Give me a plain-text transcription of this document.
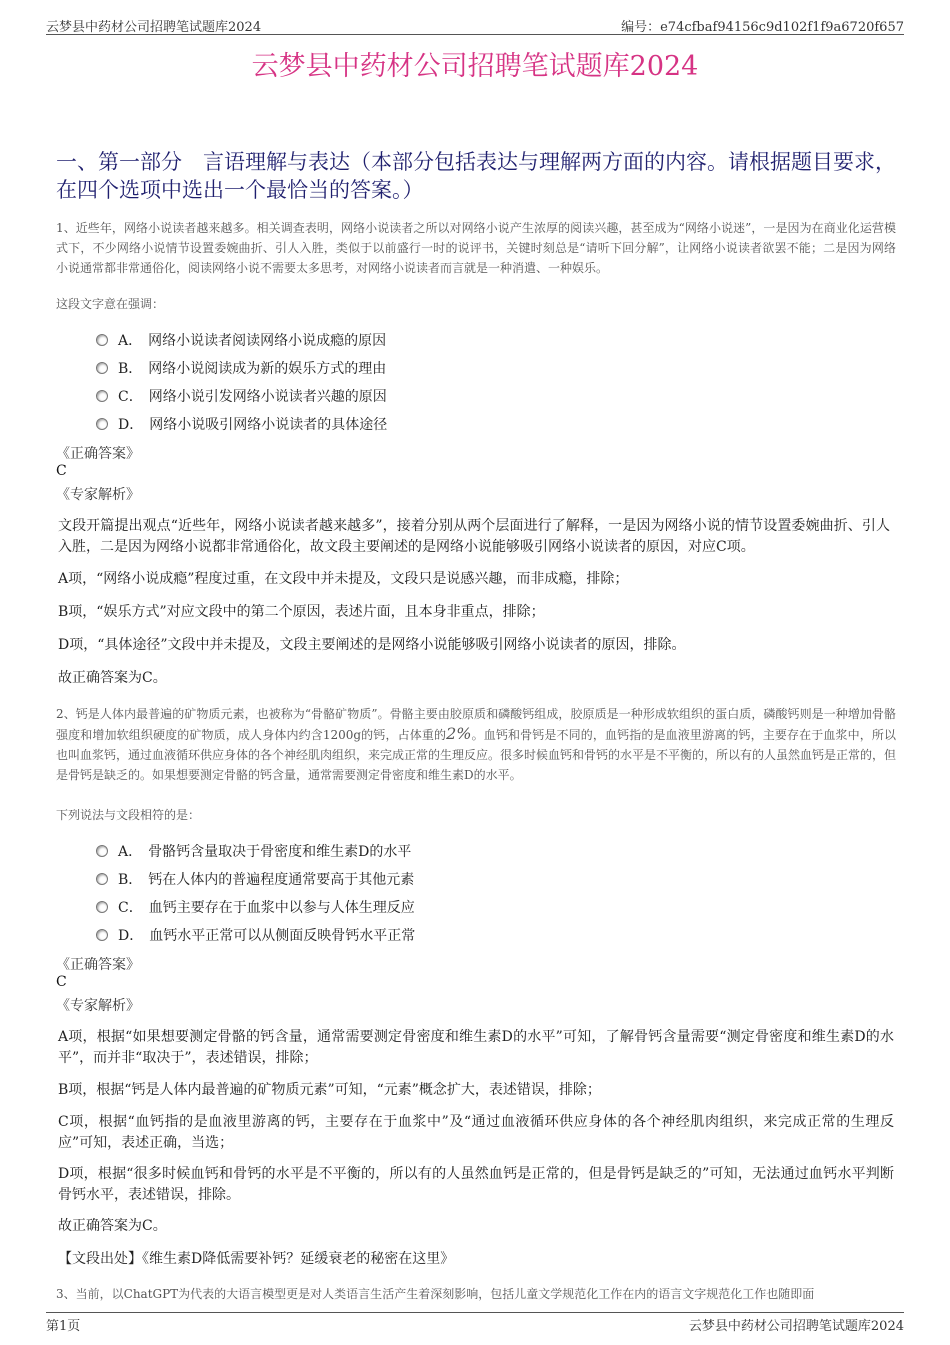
云梦县中药材公司招聘笔试题库2024	编号：e74cfbaf94156c9d102f1f9a6720f657
云梦县中药材公司招聘笔试题库2024
一、第一部分　言语理解与表达（本部分包括表达与理解两方面的内容。请根据题目要求，在四个选项中选出一个最恰当的答案。）
1、近些年，网络小说读者越来越多。相关调查表明，网络小说读者之所以对网络小说产生浓厚的阅读兴趣，甚至成为“网络小说迷”，一是因为在商业化运营模式下，不少网络小说情节设置委婉曲折、引人入胜，类似于以前盛行一时的说评书，关键时刻总是“请听下回分解”，让网络小说读者欲罢不能；二是因为网络小说通常都非常通俗化，阅读网络小说不需要太多思考，对网络小说读者而言就是一种消遣、一种娱乐。
这段文字意在强调：
A． 网络小说读者阅读网络小说成瘾的原因
B． 网络小说阅读成为新的娱乐方式的理由
C． 网络小说引发网络小说读者兴趣的原因
D． 网络小说吸引网络小说读者的具体途径
《正确答案》
C
《专家解析》
文段开篇提出观点“近些年，网络小说读者越来越多”，接着分别从两个层面进行了解释，一是因为网络小说的情节设置委婉曲折、引人入胜，二是因为网络小说都非常通俗化，故文段主要阐述的是网络小说能够吸引网络小说读者的原因，对应C项。
A项，“网络小说成瘾”程度过重，在文段中并未提及，文段只是说感兴趣，而非成瘾，排除；
B项，“娱乐方式”对应文段中的第二个原因，表述片面，且本身非重点，排除；
D项，“具体途径”文段中并未提及，文段主要阐述的是网络小说能够吸引网络小说读者的原因，排除。
故正确答案为C。
2、钙是人体内最普遍的矿物质元素，也被称为“骨骼矿物质”。骨骼主要由胶原质和磷酸钙组成，胶原质是一种形成软组织的蛋白质，磷酸钙则是一种增加骨骼强度和增加软组织硬度的矿物质，成人身体内约含1200g的钙，占体重的2%。血钙和骨钙是不同的，血钙指的是血液里游离的钙，主要存在于血浆中，所以也叫血浆钙，通过血液循环供应身体的各个神经肌肉组织，来完成正常的生理反应。很多时候血钙和骨钙的水平是不平衡的，所以有的人虽然血钙是正常的，但是骨钙是缺乏的。如果想要测定骨骼的钙含量，通常需要测定骨密度和维生素D的水平。
下列说法与文段相符的是：
A． 骨骼钙含量取决于骨密度和维生素D的水平
B． 钙在人体内的普遍程度通常要高于其他元素
C． 血钙主要存在于血浆中以参与人体生理反应
D． 血钙水平正常可以从侧面反映骨钙水平正常
《正确答案》
C
《专家解析》
A项，根据“如果想要测定骨骼的钙含量，通常需要测定骨密度和维生素D的水平”可知，了解骨钙含量需要“测定骨密度和维生素D的水平”，而并非“取决于”，表述错误，排除；
B项，根据“钙是人体内最普遍的矿物质元素”可知，“元素”概念扩大，表述错误，排除；
C项，根据“血钙指的是血液里游离的钙，主要存在于血浆中”及“通过血液循环供应身体的各个神经肌肉组织，来完成正常的生理反应”可知，表述正确，当选；
D项，根据“很多时候血钙和骨钙的水平是不平衡的，所以有的人虽然血钙是正常的，但是骨钙是缺乏的”可知，无法通过血钙水平判断骨钙水平，表述错误，排除。
故正确答案为C。
【文段出处】《维生素D降低需要补钙？延缓衰老的秘密在这里》
3、当前，以ChatGPT为代表的大语言模型更是对人类语言生活产生着深刻影响，包括儿童文学规范化工作在内的语言文字规范化工作也随即面
第1页	云梦县中药材公司招聘笔试题库2024
